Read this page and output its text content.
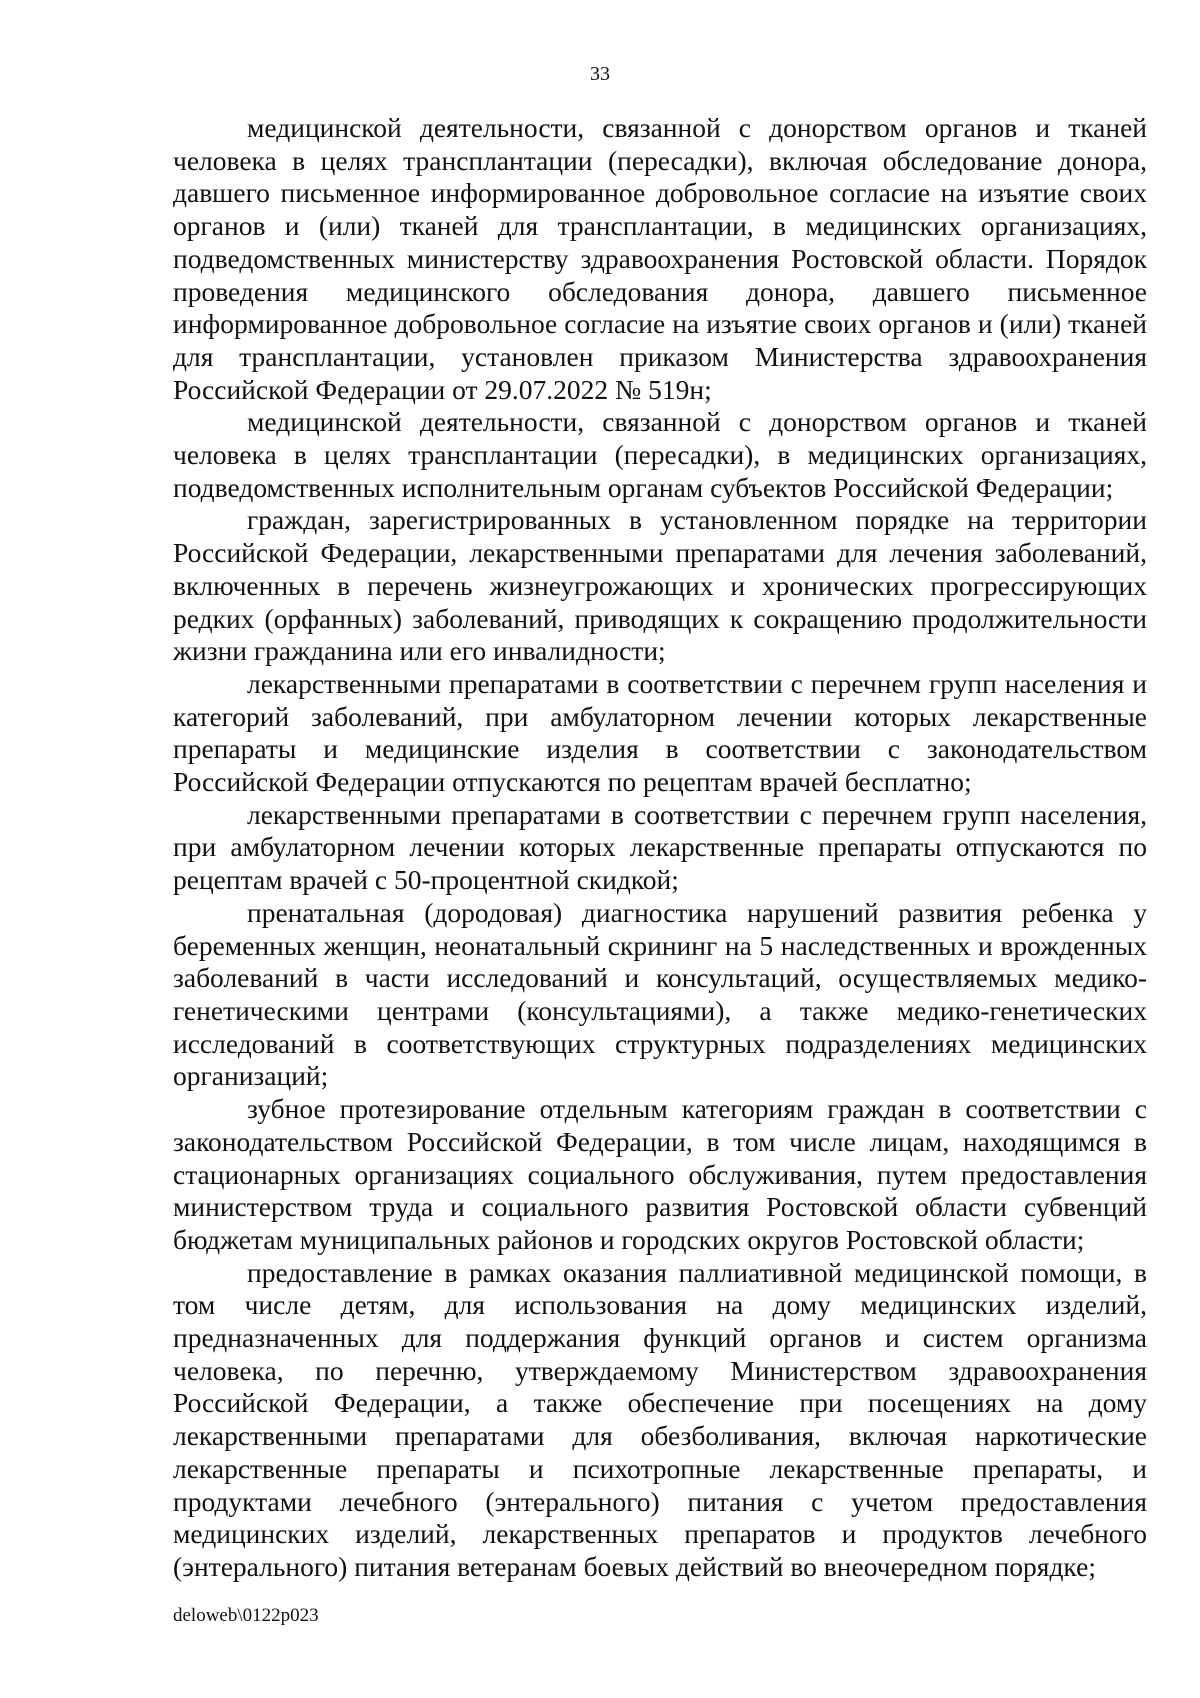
33

медицинской деятельности, связанной с донорством органов и тканей человека в целях трансплантации (пересадки), включая обследование донора, давшего письменное информированное добровольное согласие на изъятие своих органов и (или) тканей для трансплантации, в медицинских организациях, подведомственных министерству здравоохранения Ростовской области. Порядок проведения медицинского обследования донора, давшего письменное информированное добровольное согласие на изъятие своих органов и (или) тканей для трансплантации, установлен приказом Министерства здравоохранения Российской Федерации от 29.07.2022 № 519н;

медицинской деятельности, связанной с донорством органов и тканей человека в целях трансплантации (пересадки), в медицинских организациях, подведомственных исполнительным органам субъектов Российской Федерации;

граждан, зарегистрированных в установленном порядке на территории Российской Федерации, лекарственными препаратами для лечения заболеваний, включенных в перечень жизнеугрожающих и хронических прогрессирующих редких (орфанных) заболеваний, приводящих к сокращению продолжительности жизни гражданина или его инвалидности;

лекарственными препаратами в соответствии с перечнем групп населения и категорий заболеваний, при амбулаторном лечении которых лекарственные препараты и медицинские изделия в соответствии с законодательством Российской Федерации отпускаются по рецептам врачей бесплатно;

лекарственными препаратами в соответствии с перечнем групп населения, при амбулаторном лечении которых лекарственные препараты отпускаются по рецептам врачей с 50-процентной скидкой;

пренатальная (дородовая) диагностика нарушений развития ребенка у беременных женщин, неонатальный скрининг на 5 наследственных и врожденных заболеваний в части исследований и консультаций, осуществляемых медико-генетическими центрами (консультациями), а также медико-генетических исследований в соответствующих структурных подразделениях медицинских организаций;

зубное протезирование отдельным категориям граждан в соответствии с законодательством Российской Федерации, в том числе лицам, находящимся в стационарных организациях социального обслуживания, путем предоставления министерством труда и социального развития Ростовской области субвенций бюджетам муниципальных районов и городских округов Ростовской области;

предоставление в рамках оказания паллиативной медицинской помощи, в том числе детям, для использования на дому медицинских изделий, предназначенных для поддержания функций органов и систем организма человека, по перечню, утверждаемому Министерством здравоохранения Российской Федерации, а также обеспечение при посещениях на дому лекарственными препаратами для обезболивания, включая наркотические лекарственные препараты и психотропные лекарственные препараты, и продуктами лечебного (энтерального) питания с учетом предоставления медицинских изделий, лекарственных препаратов и продуктов лечебного (энтерального) питания ветеранам боевых действий во внеочередном порядке;

deloweb\0122p023
